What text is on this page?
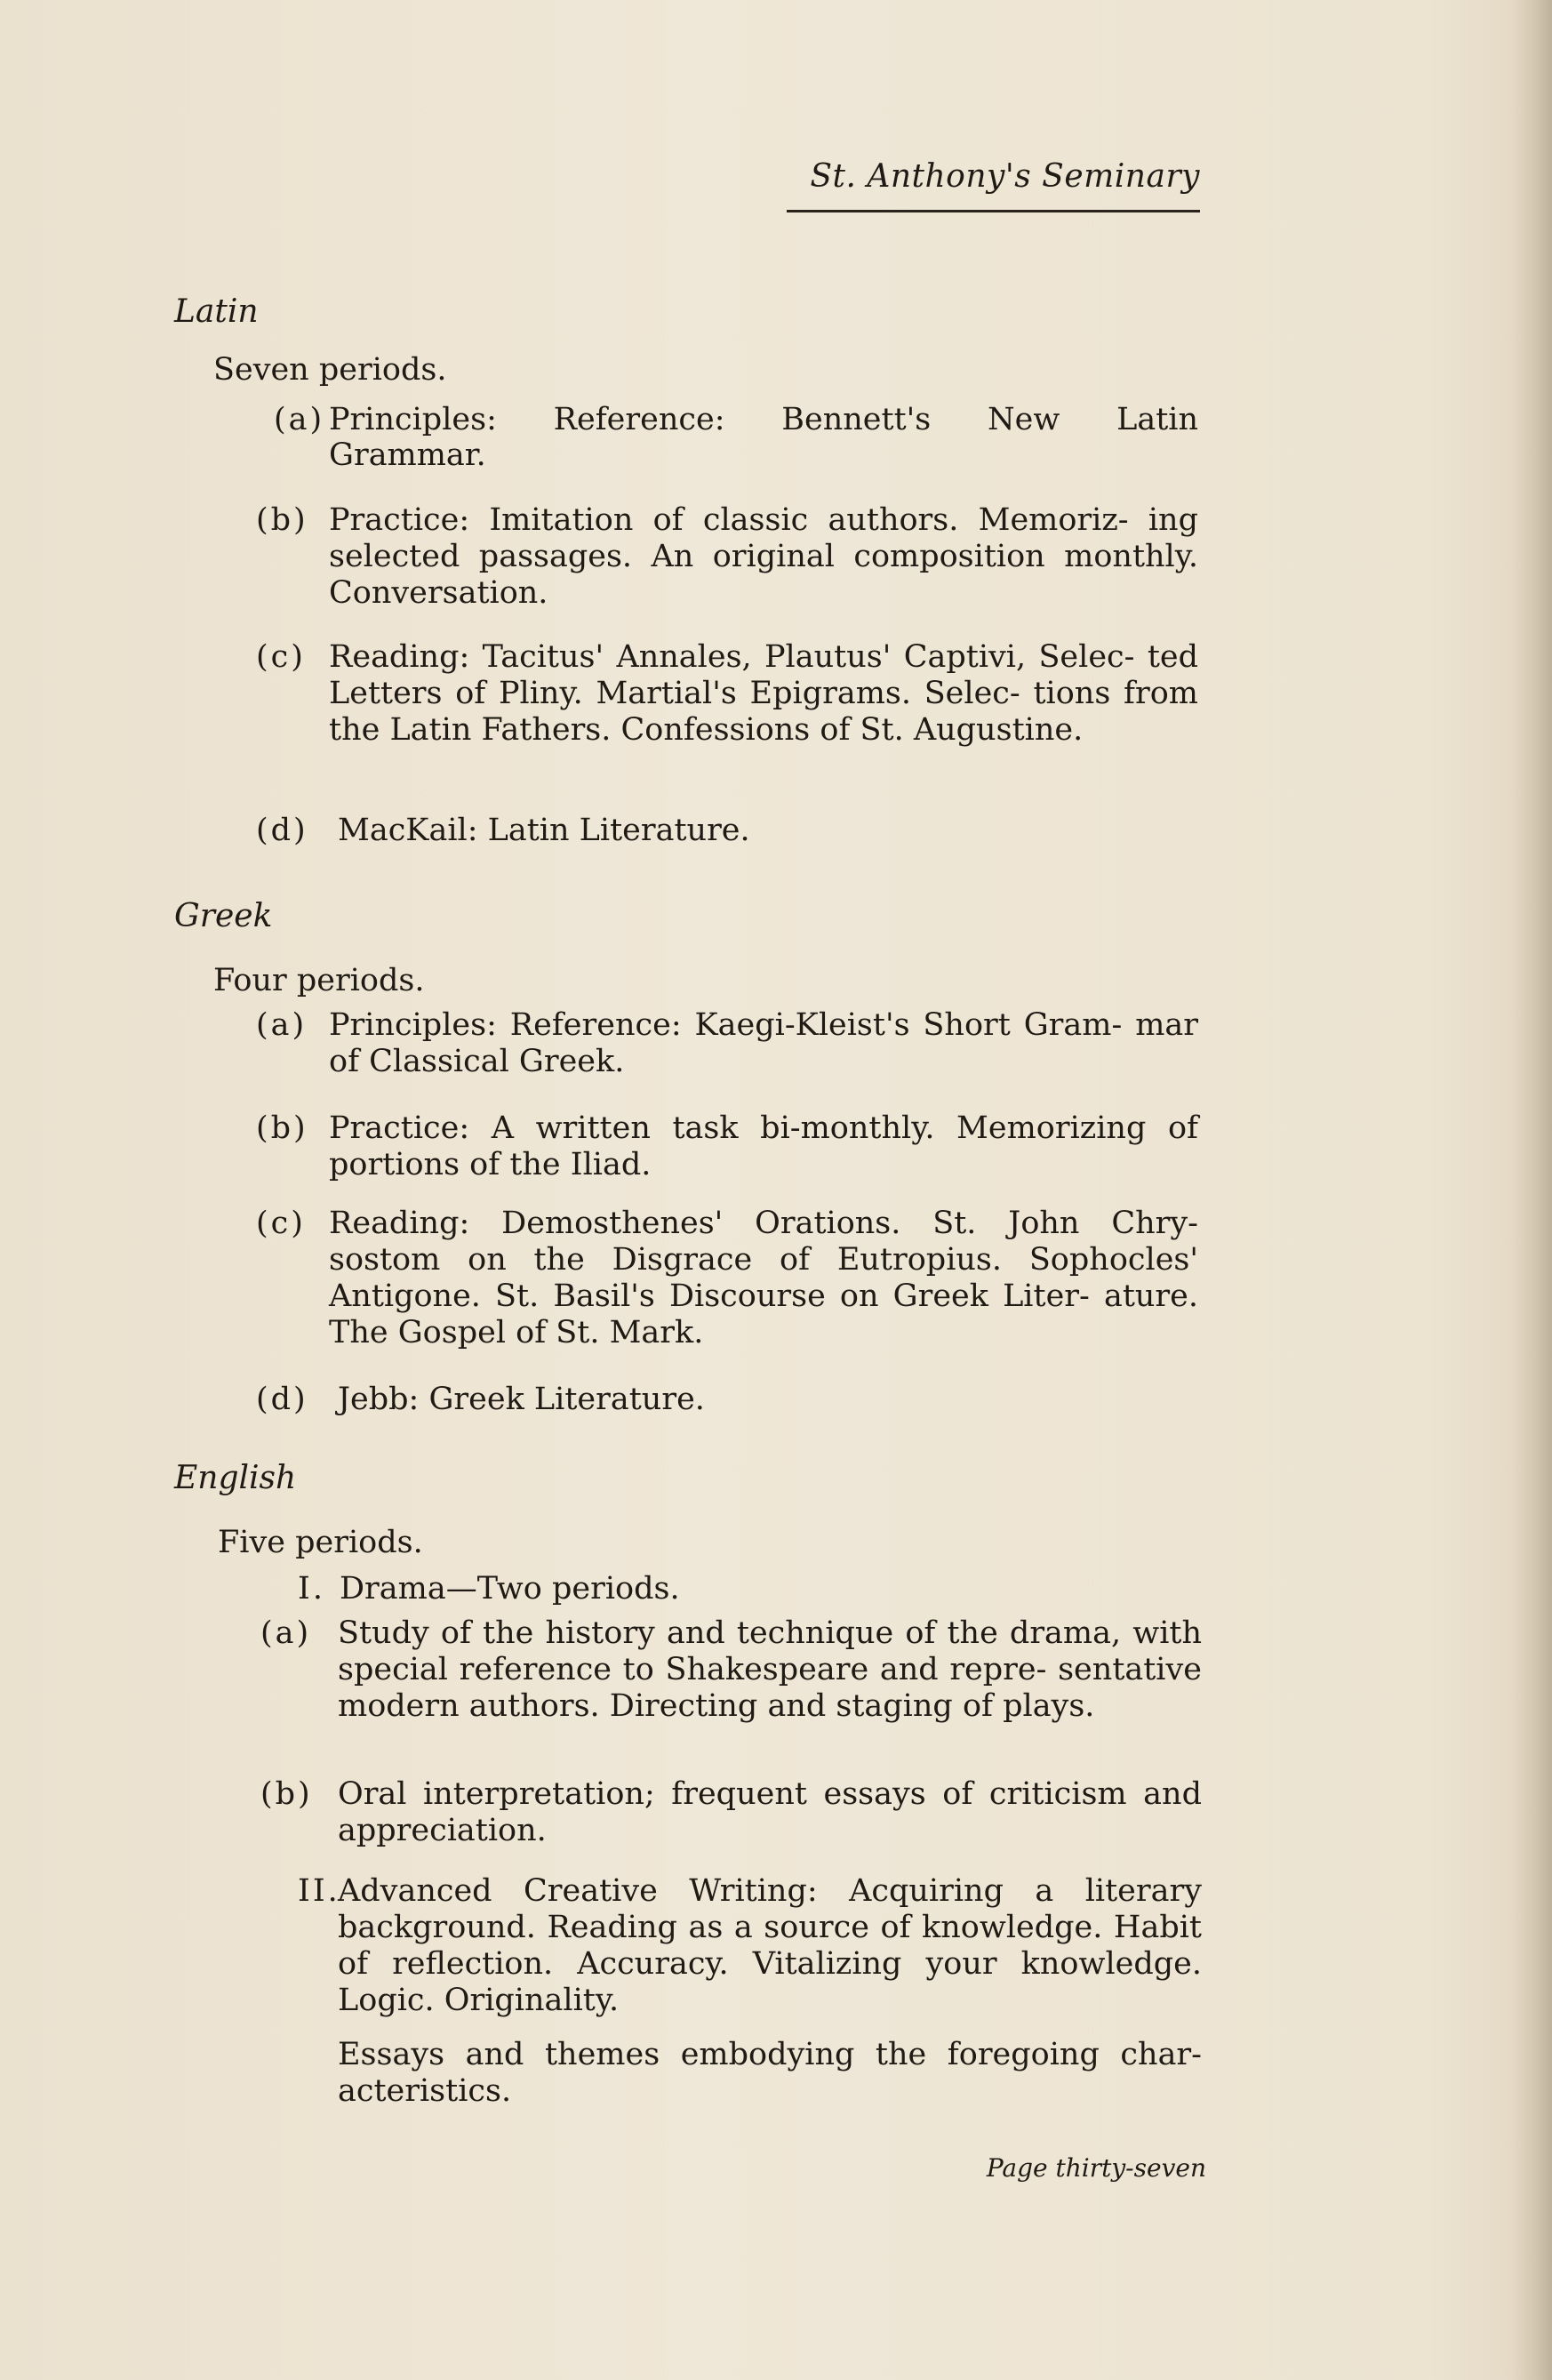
St. Anthony's Seminary
Latin
Seven periods.
(a) Principles: Reference: Bennett's New Latin
Grammar.
(b) Practice: Imitation of classic authors. Memoriz- ing selected passages. An original composition monthly. Conversation.
(c) Reading: Tacitus' Annales, Plautus' Captivi, Selec- ted Letters of Pliny. Martial's Epigrams. Selec- tions from the Latin Fathers. Confessions of St. Augustine.
(d) MacKail: Latin Literature.
Greek
Four periods.
(a) Principles: Reference: Kaegi-Kleist's Short Gram- mar of Classical Greek.
(b) Practice: A written task bi-monthly. Memorizing of portions of the Iliad.
(c) Reading: Demosthenes' Orations. St. John Chry- sostom on the Disgrace of Eutropius. Sophocles' Antigone. St. Basil's Discourse on Greek Liter- ature. The Gospel of St. Mark.
(d) Jebb: Greek Literature.
English
Five periods.
I. Drama—Two periods.
(a) Study of the history and technique of the drama, with special reference to Shakespeare and repre- sentative modern authors. Directing and staging of plays.
(b) Oral interpretation; frequent essays of criticism and appreciation.
II.
Advanced Creative Writing: Acquiring a literary background. Reading as a source of knowledge. Habit of reflection. Accuracy. Vitalizing your knowledge. Logic. Originality.
Essays and themes embodying the foregoing char- acteristics.
Page thirty-seven
